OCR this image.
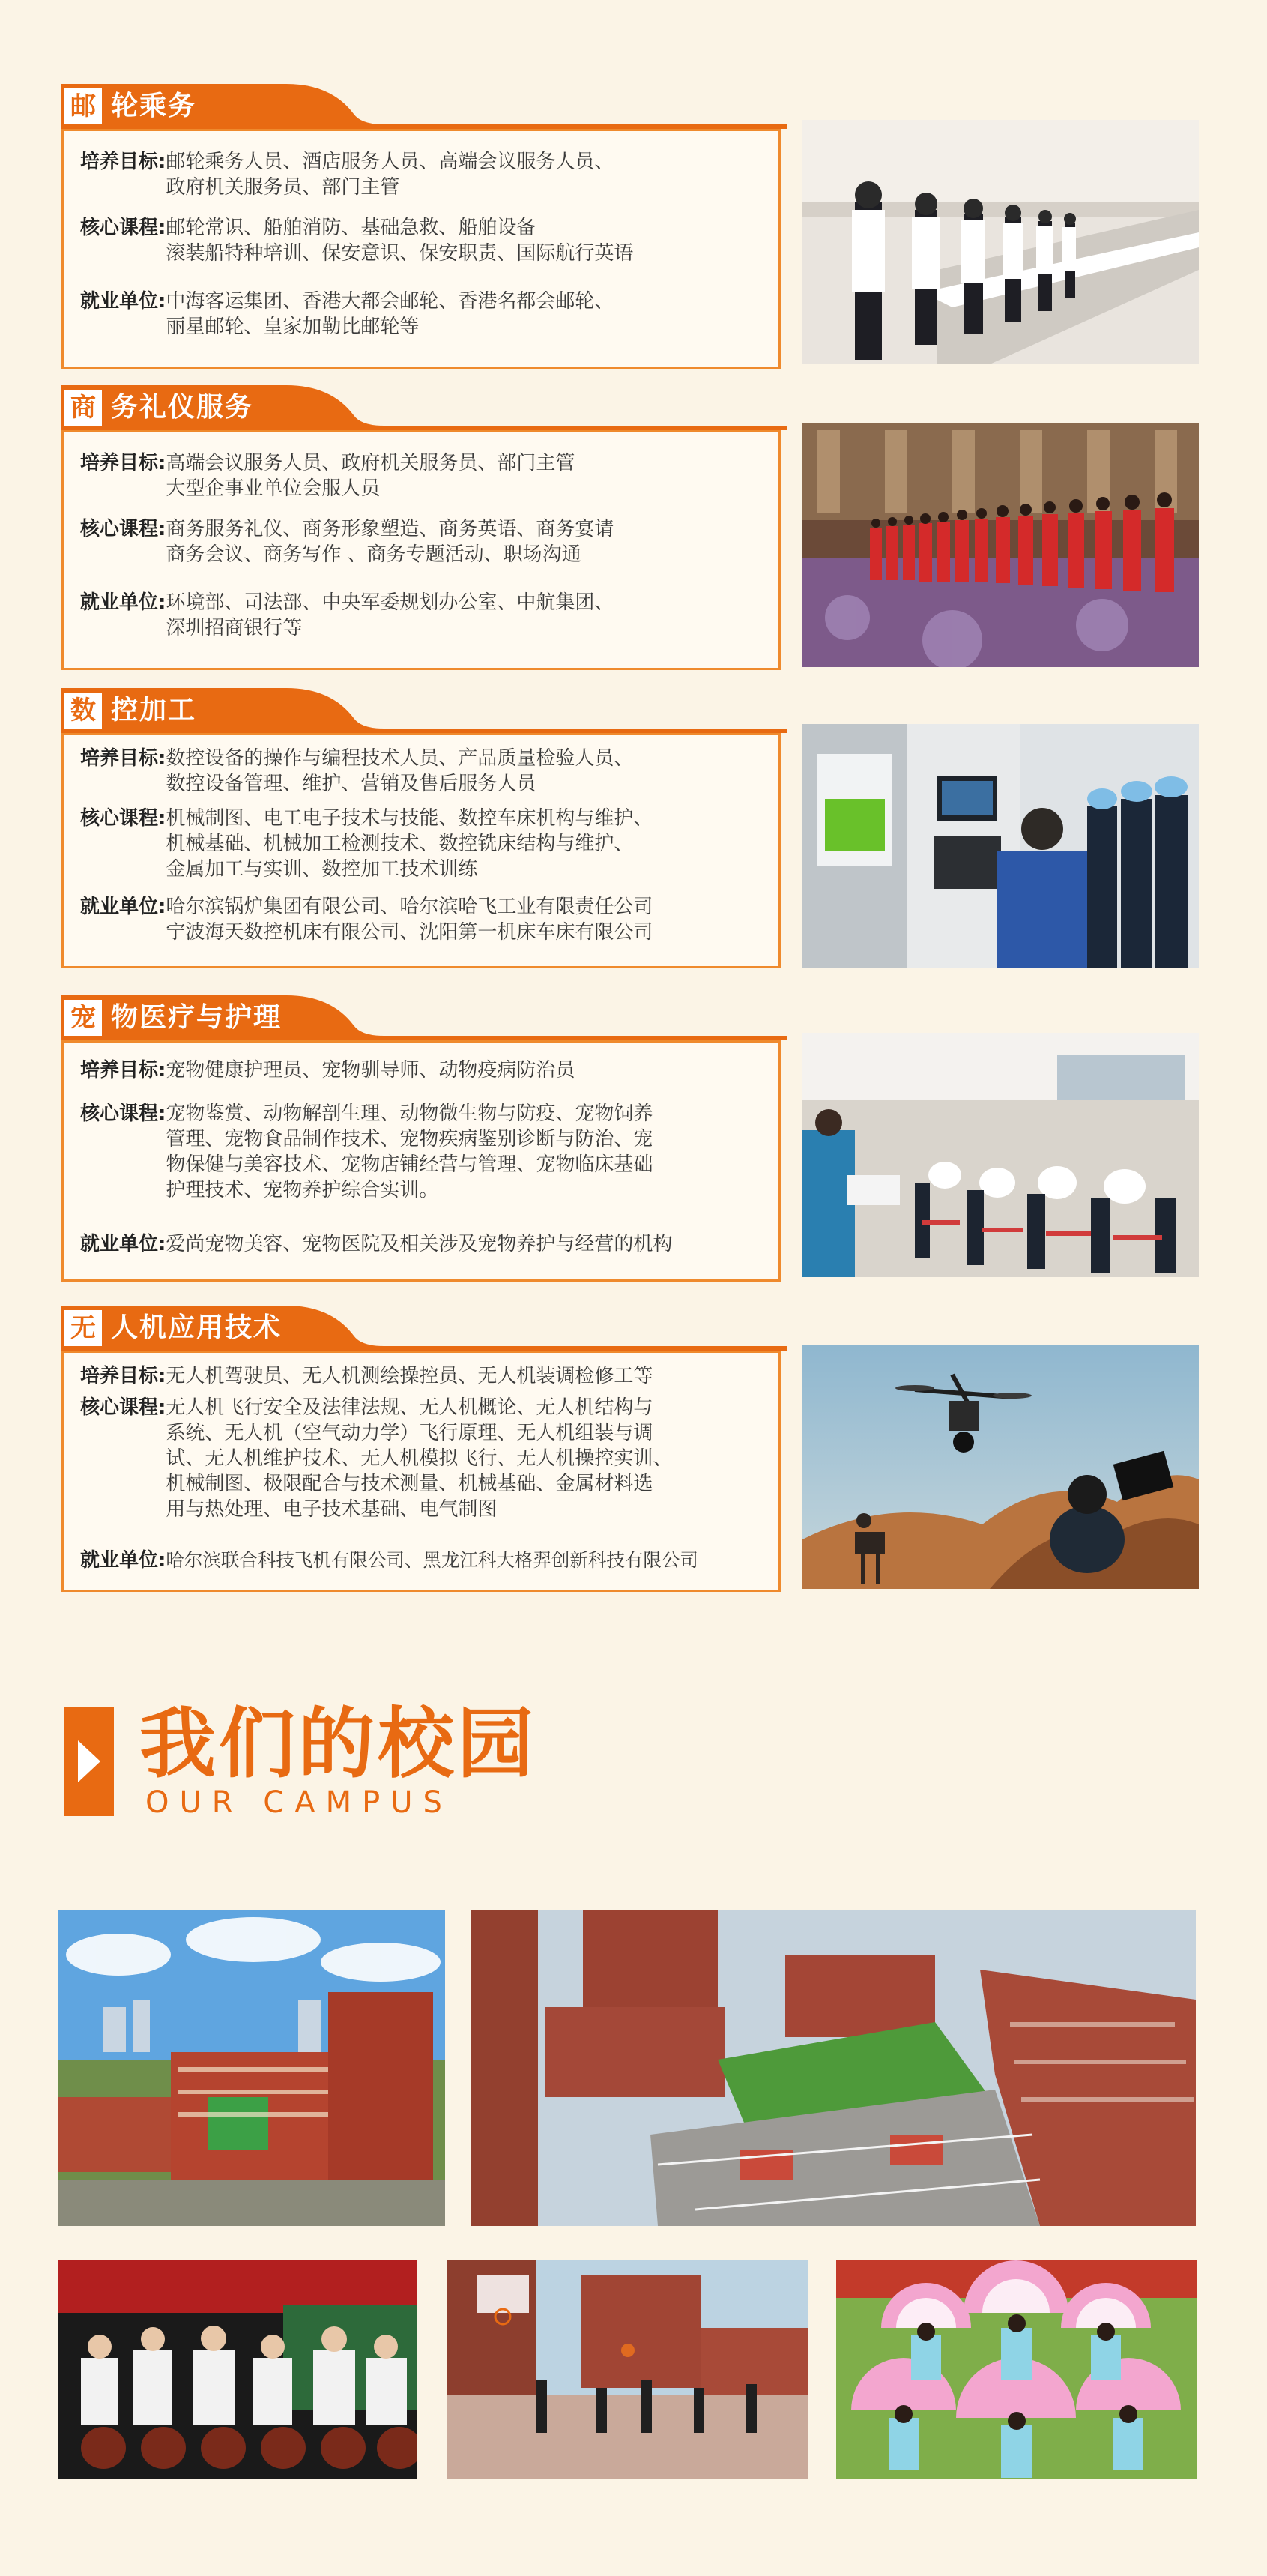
邮 轮乘务
培养目标: 邮轮乘务人员、酒店服务人员、高端会议服务人员、
政府机关服务员、部门主管
核心课程: 邮轮常识、船舶消防、基础急救、船舶设备
滚装船特种培训、保安意识、保安职责、国际航行英语
就业单位: 中海客运集团、香港大都会邮轮、香港名都会邮轮、
丽星邮轮、皇家加勒比邮轮等
商 务礼仪服务
培养目标: 高端会议服务人员、政府机关服务员、部门主管
大型企事业单位会服人员
核心课程: 商务服务礼仪、商务形象塑造、商务英语、商务宴请
商务会议、商务写作 、商务专题活动、职场沟通
就业单位: 环境部、司法部、中央军委规划办公室、中航集团、
深圳招商银行等
数 控加工
培养目标: 数控设备的操作与编程技术人员、产品质量检验人员、
数控设备管理、维护、营销及售后服务人员
核心课程: 机械制图、电工电子技术与技能、数控车床机构与维护、
机械基础、机械加工检测技术、数控铣床结构与维护、
金属加工与实训、数控加工技术训练
就业单位: 哈尔滨锅炉集团有限公司、哈尔滨哈飞工业有限责任公司
宁波海天数控机床有限公司、沈阳第一机床车床有限公司
宠 物医疗与护理
培养目标: 宠物健康护理员、宠物驯导师、动物疫病防治员
核心课程: 宠物鉴赏、动物解剖生理、动物微生物与防疫、宠物饲养
管理、宠物食品制作技术、宠物疾病鉴别诊断与防治、宠
物保健与美容技术、宠物店铺经营与管理、宠物临床基础
护理技术、宠物养护综合实训。
就业单位: 爱尚宠物美容、宠物医院及相关涉及宠物养护与经营的机构
无 人机应用技术
培养目标: 无人机驾驶员、无人机测绘操控员、无人机装调检修工等
核心课程: 无人机飞行安全及法律法规、无人机概论、无人机结构与
系统、无人机（空气动力学）飞行原理、无人机组装与调
试、无人机维护技术、无人机模拟飞行、无人机操控实训、
机械制图、极限配合与技术测量、机械基础、金属材料选
用与热处理、电子技术基础、电气制图
就业单位: 哈尔滨联合科技飞机有限公司、黑龙江科大格羿创新科技有限公司
我们的校园
OUR CAMPUS
